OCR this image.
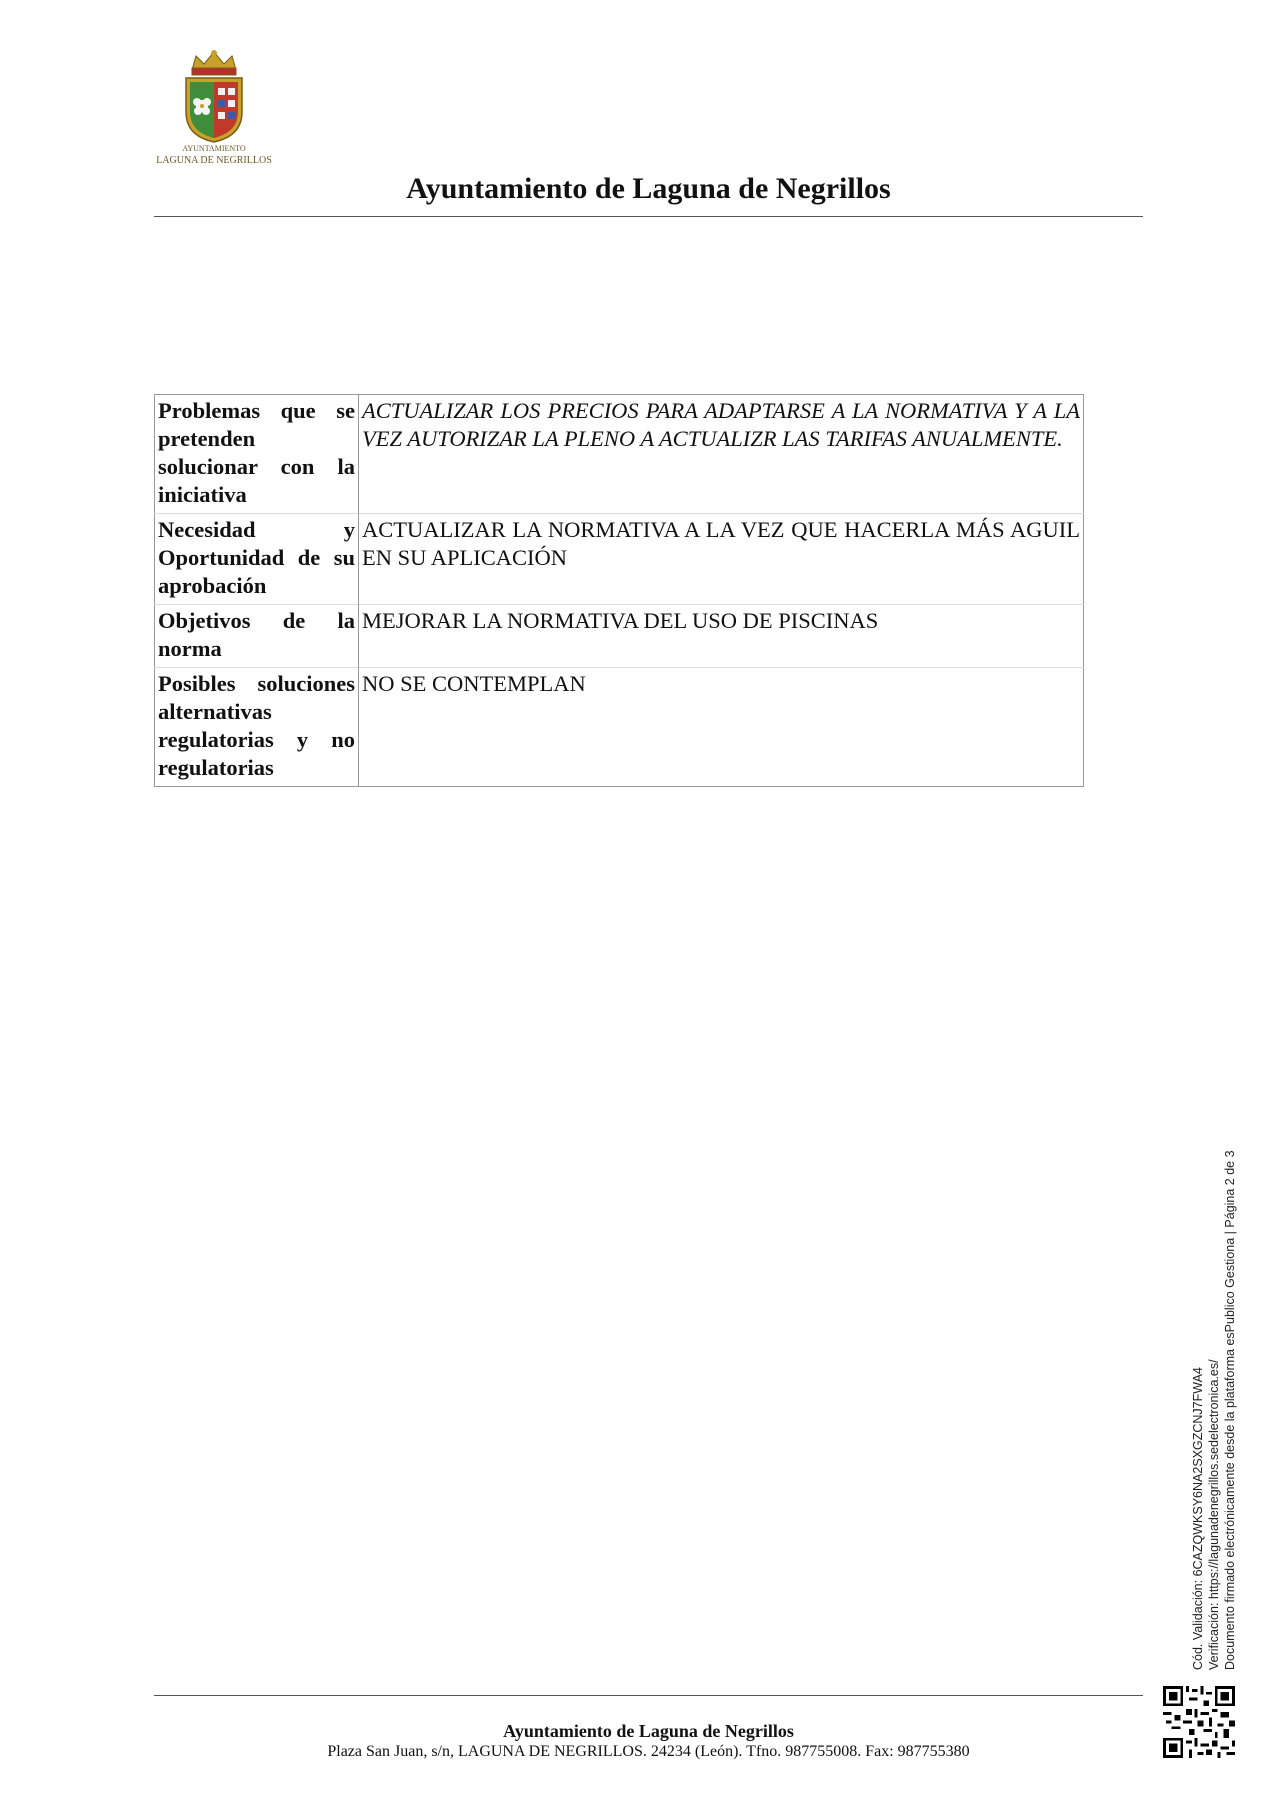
AYUNTAMIENTO
LAGUNA DE NEGRILLOS
Ayuntamiento de Laguna de Negrillos
Problemas que se pretenden solucionar con la iniciativa	ACTUALIZAR LOS PRECIOS PARA ADAPTARSE A LA NORMATIVA Y A LA VEZ AUTORIZAR LA PLENO A ACTUALIZR LAS TARIFAS ANUALMENTE.
Necesidad y Oportunidad de su aprobación	ACTUALIZAR LA NORMATIVA A LA VEZ QUE HACERLA MÁS AGUIL EN SU APLICACIÓN
Objetivos de la norma	MEJORAR LA NORMATIVA DEL USO DE PISCINAS
Posibles soluciones alternativas regulatorias y no regulatorias	NO SE CONTEMPLAN
Cód. Validación: 6CAZQWKSY6NA2SXGZCNJ7FWA4 Verificación: https://lagunadenegrillos.sedelectronica.es/ Documento firmado electrónicamente desde la plataforma esPublico Gestiona | Página 2 de 3
Ayuntamiento de Laguna de Negrillos
Plaza San Juan, s/n, LAGUNA DE NEGRILLOS. 24234 (León). Tfno. 987755008. Fax: 987755380
